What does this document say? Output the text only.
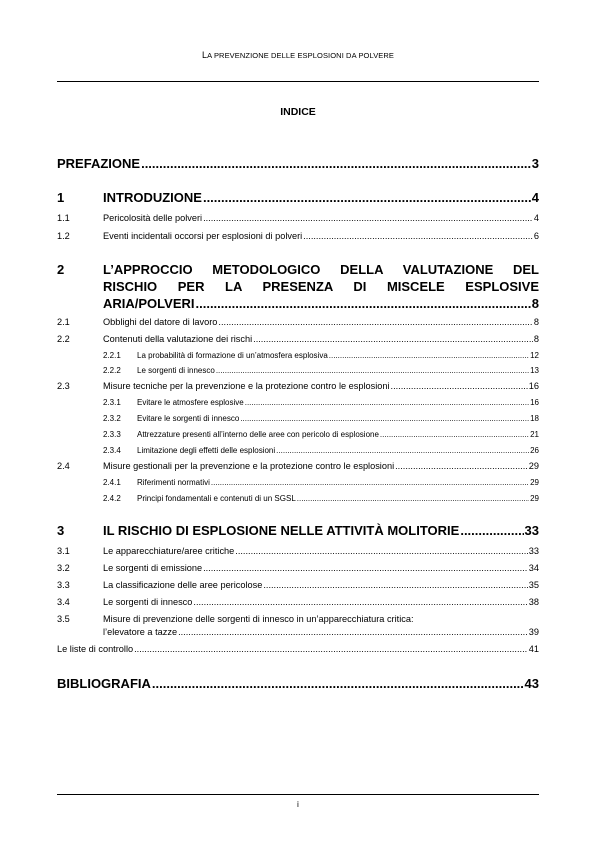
LA PREVENZIONE DELLE ESPLOSIONI DA POLVERE
INDICE
PREFAZIONE .....	3
1	INTRODUZIONE .....	4
1.1	Pericolosità delle polveri .....	4
1.2	Eventi incidentali occorsi per esplosioni di polveri .....	6
2	L’APPROCCIO METODOLOGICO DELLA VALUTAZIONE DEL
RISCHIO PER LA PRESENZA DI MISCELE ESPLOSIVE
ARIA/POLVERI .....	8
2.1	Obblighi del datore di lavoro .....	8
2.2	Contenuti della valutazione dei rischi .....	8
2.2.1	La probabilità di formazione di un’atmosfera esplosiva .....	12
2.2.2	Le sorgenti di innesco .....	13
2.3	Misure tecniche per la prevenzione e la protezione contro le esplosioni .....	16
2.3.1	Evitare le atmosfere esplosive .....	16
2.3.2	Evitare le sorgenti di innesco .....	18
2.3.3	Attrezzature presenti all’interno delle aree con pericolo di esplosione .....	21
2.3.4	Limitazione degli effetti delle esplosioni .....	26
2.4	Misure gestionali per la prevenzione e la protezione contro le esplosioni .....	29
2.4.1	Riferimenti normativi .....	29
2.4.2	Principi fondamentali e contenuti di un SGSL .....	29
3	IL RISCHIO DI ESPLOSIONE NELLE ATTIVITÀ MOLITORIE .....	33
3.1	Le apparecchiature/aree critiche .....	33
3.2	Le sorgenti di emissione .....	34
3.3	La classificazione delle aree pericolose .....	35
3.4	Le sorgenti di innesco .....	38
3.5	Misure di prevenzione delle sorgenti di innesco in un’apparecchiatura critica:
l’elevatore a tazze .....	39
Le liste di controllo .....	41
BIBLIOGRAFIA .....	43
i
